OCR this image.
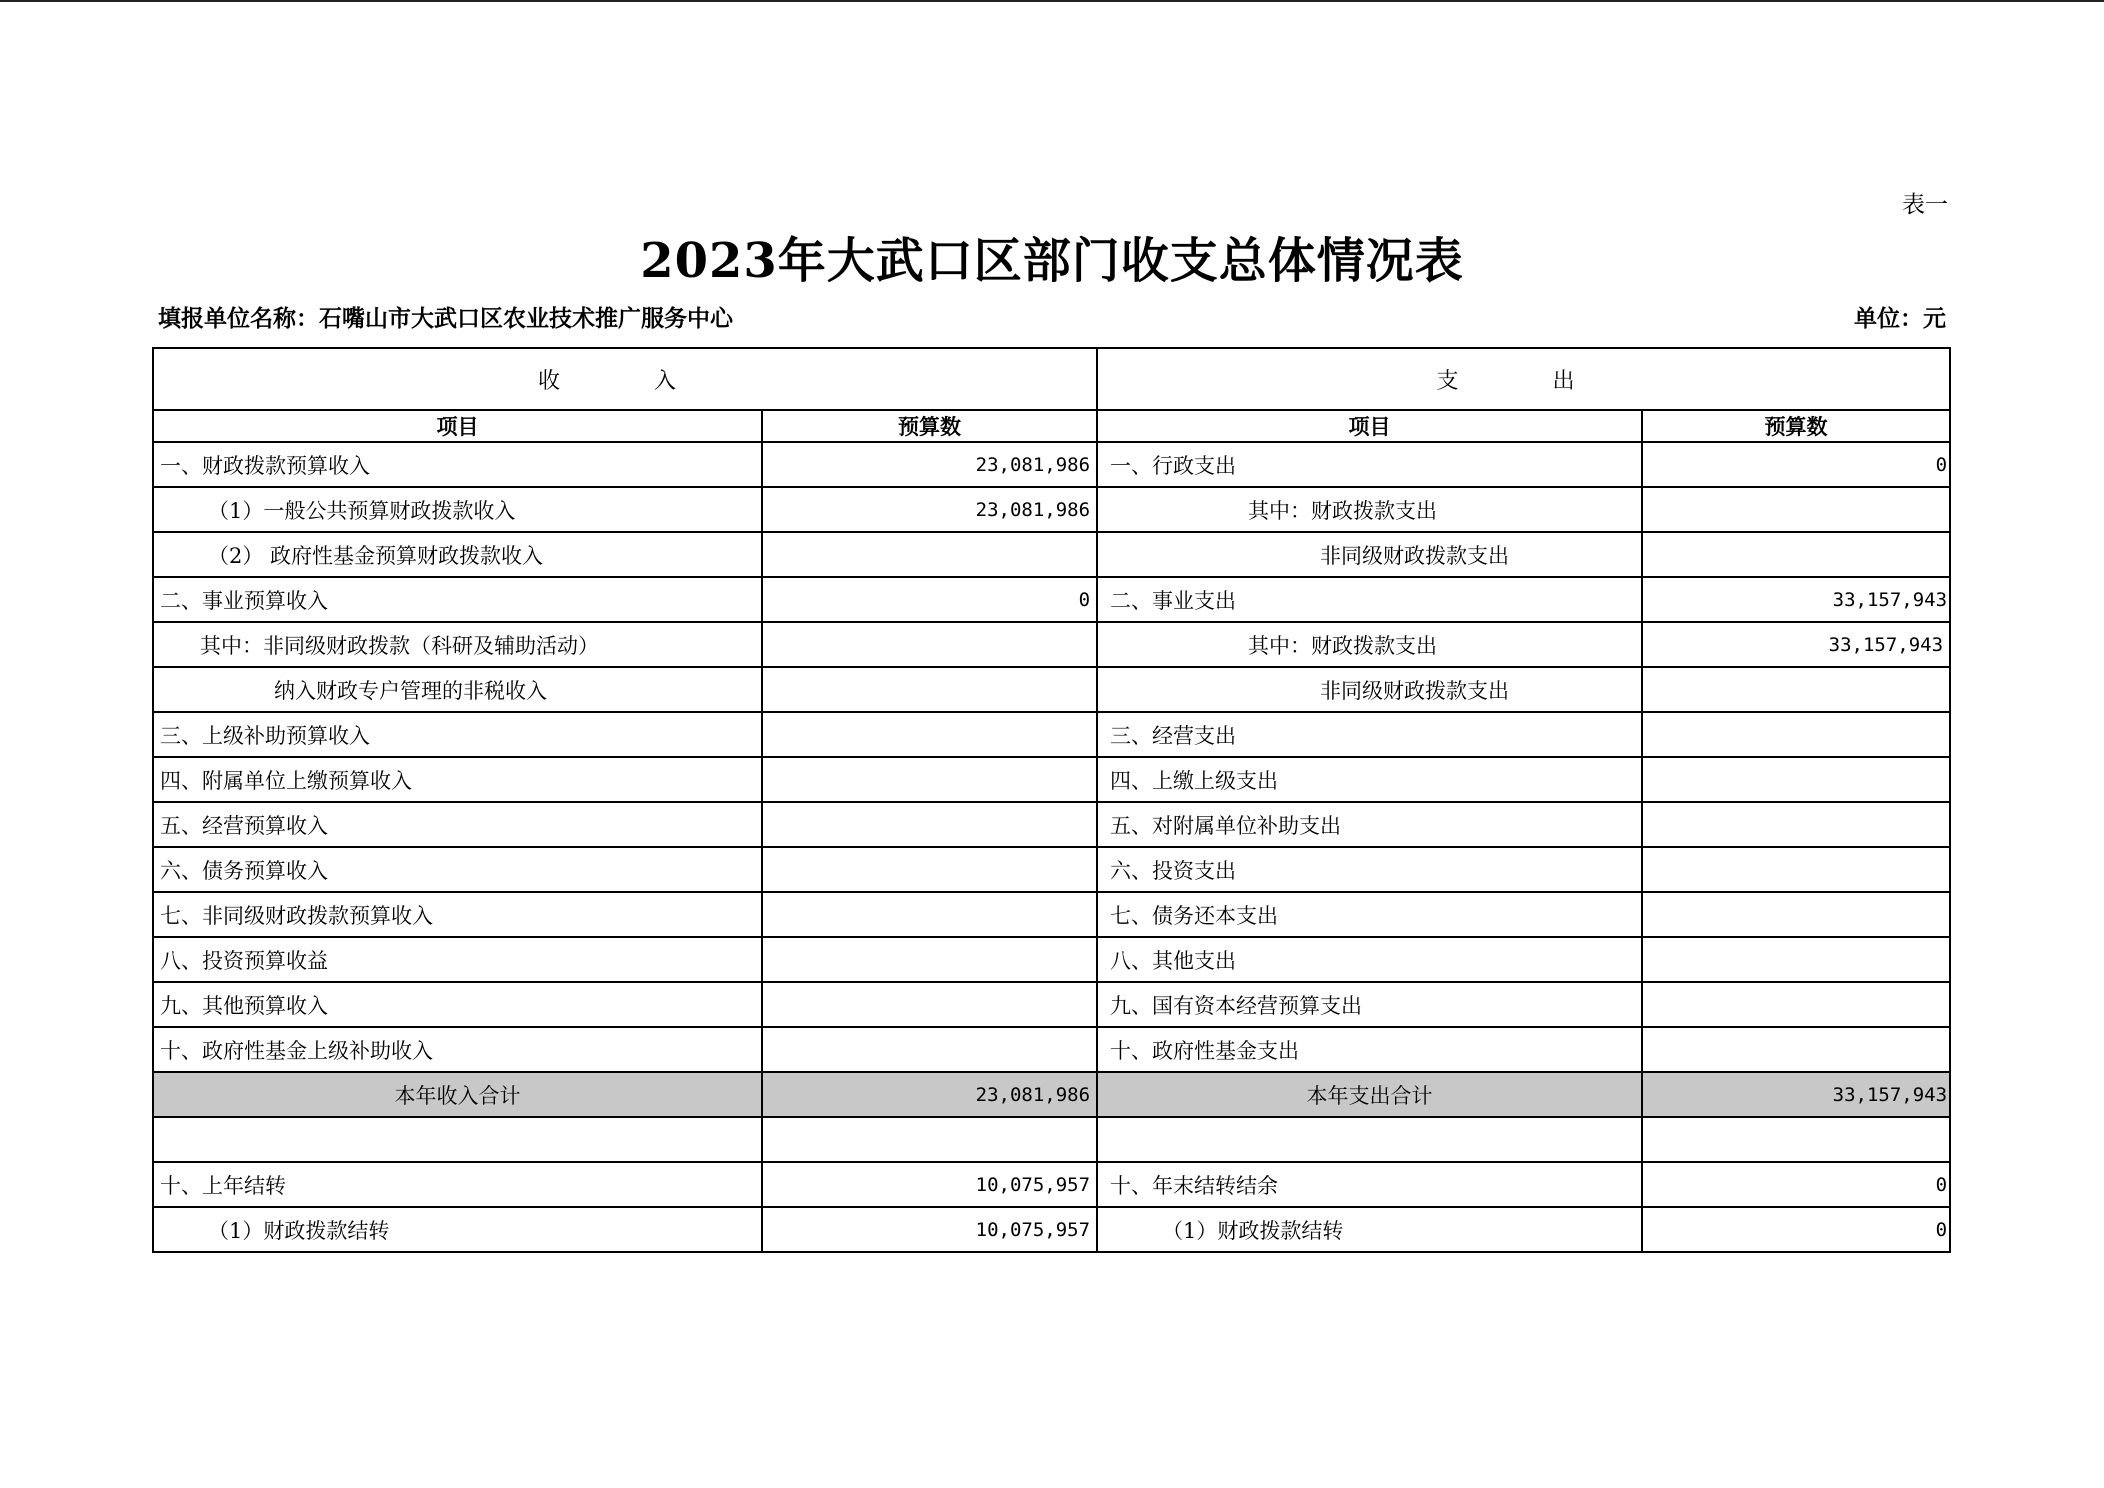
表一
2023年大武口区部门收支总体情况表
填报单位名称：石嘴山市大武口区农业技术推广服务中心	单位：元
收　入		支　出	
项目	预算数	项目	预算数
一、财政拨款预算收入	23,081,986	一、行政支出	0
（1）一般公共预算财政拨款收入	23,081,986	其中：财政拨款支出	
（2） 政府性基金预算财政拨款收入		非同级财政拨款支出	
二、事业预算收入	0	二、事业支出	33,157,943
其中：非同级财政拨款（科研及辅助活动）		其中：财政拨款支出	33,157,943
纳入财政专户管理的非税收入		非同级财政拨款支出	
三、上级补助预算收入		三、经营支出	
四、附属单位上缴预算收入		四、上缴上级支出	
五、经营预算收入		五、对附属单位补助支出	
六、债务预算收入		六、投资支出	
七、非同级财政拨款预算收入		七、债务还本支出	
八、投资预算收益		八、其他支出	
九、其他预算收入		九、国有资本经营预算支出	
十、政府性基金上级补助收入		十、政府性基金支出	
本年收入合计	23,081,986	本年支出合计	33,157,943

十、上年结转	10,075,957	十、年末结转结余	0
（1）财政拨款结转	10,075,957	（1）财政拨款结转	0
